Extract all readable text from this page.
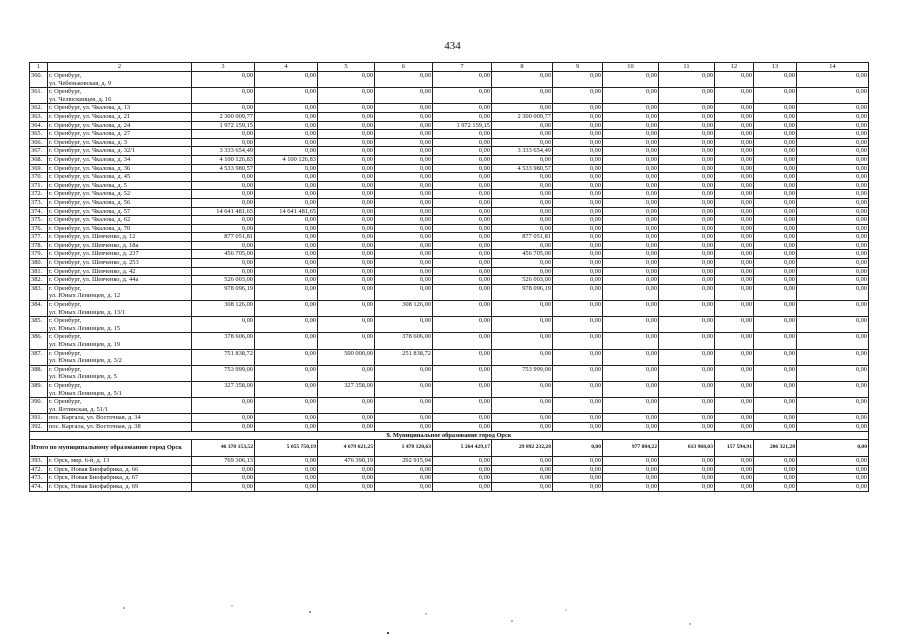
434
1	2	3	4	5	6	7	8	9	10	11	12	13	14
360.	г. Оренбург,
ул. Чебеньковская, д. 9	0,00	0,00	0,00	0,00	0,00	0,00	0,00	0,00	0,00	0,00	0,00	0,00
361.	г. Оренбург,
ул. Челюскинцев, д. 16	0,00	0,00	0,00	0,00	0,00	0,00	0,00	0,00	0,00	0,00	0,00	0,00
362.	г. Оренбург, ул. Чкалова, д. 13	0,00	0,00	0,00	0,00	0,00	0,00	0,00	0,00	0,00	0,00	0,00	0,00
363.	г. Оренбург, ул. Чкалова, д. 21	2 300 009,77	0,00	0,00	0,00	0,00	2 300 009,77	0,00	0,00	0,00	0,00	0,00	0,00
364.	г. Оренбург, ул. Чкалова, д. 24	1 972 159,15	0,00	0,00	0,00	1 972 159,15	0,00	0,00	0,00	0,00	0,00	0,00	0,00
365.	г. Оренбург, ул. Чкалова, д. 27	0,00	0,00	0,00	0,00	0,00	0,00	0,00	0,00	0,00	0,00	0,00	0,00
366.	г. Оренбург, ул. Чкалова, д. 3	0,00	0,00	0,00	0,00	0,00	0,00	0,00	0,00	0,00	0,00	0,00	0,00
367.	г. Оренбург, ул. Чкалова, д. 32/1	3 333 654,49	0,00	0,00	0,00	0,00	3 333 654,49	0,00	0,00	0,00	0,00	0,00	0,00
368.	г. Оренбург, ул. Чкалова, д. 34	4 100 126,83	4 100 126,83	0,00	0,00	0,00	0,00	0,00	0,00	0,00	0,00	0,00	0,00
369.	г. Оренбург, ул. Чкалова, д. 36	4 533 980,57	0,00	0,00	0,00	0,00	4 533 980,57	0,00	0,00	0,00	0,00	0,00	0,00
370.	г. Оренбург, ул. Чкалова, д. 45	0,00	0,00	0,00	0,00	0,00	0,00	0,00	0,00	0,00	0,00	0,00	0,00
371.	г. Оренбург, ул. Чкалова, д. 5	0,00	0,00	0,00	0,00	0,00	0,00	0,00	0,00	0,00	0,00	0,00	0,00
372.	г. Оренбург, ул. Чкалова, д. 52	0,00	0,00	0,00	0,00	0,00	0,00	0,00	0,00	0,00	0,00	0,00	0,00
373.	г. Оренбург, ул. Чкалова, д. 56	0,00	0,00	0,00	0,00	0,00	0,00	0,00	0,00	0,00	0,00	0,00	0,00
374.	г. Оренбург, ул. Чкалова, д. 57	14 641 481,65	14 641 481,65	0,00	0,00	0,00	0,00	0,00	0,00	0,00	0,00	0,00	0,00
375.	г. Оренбург, ул. Чкалова, д. 62	0,00	0,00	0,00	0,00	0,00	0,00	0,00	0,00	0,00	0,00	0,00	0,00
376.	г. Оренбург, ул. Чкалова, д. 70	0,00	0,00	0,00	0,00	0,00	0,00	0,00	0,00	0,00	0,00	0,00	0,00
377.	г. Оренбург, ул. Шевченко, д. 12	877 051,81	0,00	0,00	0,00	0,00	877 051,81	0,00	0,00	0,00	0,00	0,00	0,00
378.	г. Оренбург, ул. Шевченко, д. 18а	0,00	0,00	0,00	0,00	0,00	0,00	0,00	0,00	0,00	0,00	0,00	0,00
379.	г. Оренбург, ул. Шевченко, д. 237	456 705,00	0,00	0,00	0,00	0,00	456 705,00	0,00	0,00	0,00	0,00	0,00	0,00
380.	г. Оренбург, ул. Шевченко, д. 253	0,00	0,00	0,00	0,00	0,00	0,00	0,00	0,00	0,00	0,00	0,00	0,00
381.	г. Оренбург, ул. Шевченко, д. 42	0,00	0,00	0,00	0,00	0,00	0,00	0,00	0,00	0,00	0,00	0,00	0,00
382.	г. Оренбург, ул. Шевченко, д. 44а	526 003,00	0,00	0,00	0,00	0,00	526 003,00	0,00	0,00	0,00	0,00	0,00	0,00
383.	г. Оренбург,
ул. Юных Ленинцев, д. 12	978 096,19	0,00	0,00	0,00	0,00	978 096,19	0,00	0,00	0,00	0,00	0,00	0,00
384.	г. Оренбург,
ул. Юных Ленинцев, д. 13/1	308 126,00	0,00	0,00	308 126,00	0,00	0,00	0,00	0,00	0,00	0,00	0,00	0,00
385.	г. Оренбург,
ул. Юных Ленинцев, д. 15	0,00	0,00	0,00	0,00	0,00	0,00	0,00	0,00	0,00	0,00	0,00	0,00
386.	г. Оренбург,
ул. Юных Ленинцев, д. 19	378 606,00	0,00	0,00	378 606,00	0,00	0,00	0,00	0,00	0,00	0,00	0,00	0,00
387.	г. Оренбург,
ул. Юных Ленинцев, д. 3/2	751 838,72	0,00	500 000,00	251 838,72	0,00	0,00	0,00	0,00	0,00	0,00	0,00	0,00
388.	г. Оренбург,
ул. Юных Ленинцев, д. 5	753 999,00	0,00	0,00	0,00	0,00	753 999,00	0,00	0,00	0,00	0,00	0,00	0,00
389.	г. Оренбург,
ул. Юных Ленинцев, д. 5/1	327 358,00	0,00	327 358,00	0,00	0,00	0,00	0,00	0,00	0,00	0,00	0,00	0,00
390.	г. Оренбург,
ул. Ялтинская, д. 51/1	0,00	0,00	0,00	0,00	0,00	0,00	0,00	0,00	0,00	0,00	0,00	0,00
391.	пос. Каргала, ул. Восточная, д. 34	0,00	0,00	0,00	0,00	0,00	0,00	0,00	0,00	0,00	0,00	0,00	0,00
392.	пос. Каргала, ул. Восточная, д. 38	0,00	0,00	0,00	0,00	0,00	0,00	0,00	0,00	0,00	0,00	0,00	0,00
9. Муниципальное образование город Орск													
Итого по муниципальному образованию город Орск		46 370 153,52	5 055 750,19	4 679 621,25	1 478 120,63	5 264 429,17	29 892 232,28	0,00	977 884,22	613 968,03	157 594,91	206 321,28	0,00
393.	г. Орск, мкр. 6-й, д. 13	769 306,13	0,00	476 390,19	292 915,94	0,00	0,00	0,00	0,00	0,00	0,00	0,00	0,00
472.	г. Орск, Новая Биофабрика, д. 66	0,00	0,00	0,00	0,00	0,00	0,00	0,00	0,00	0,00	0,00	0,00	0,00
473.	г. Орск, Новая Биофабрика, д. 67	0,00	0,00	0,00	0,00	0,00	0,00	0,00	0,00	0,00	0,00	0,00	0,00
474.	г. Орск, Новая Биофабрика, д. 69	0,00	0,00	0,00	0,00	0,00	0,00	0,00	0,00	0,00	0,00	0,00	0,00
